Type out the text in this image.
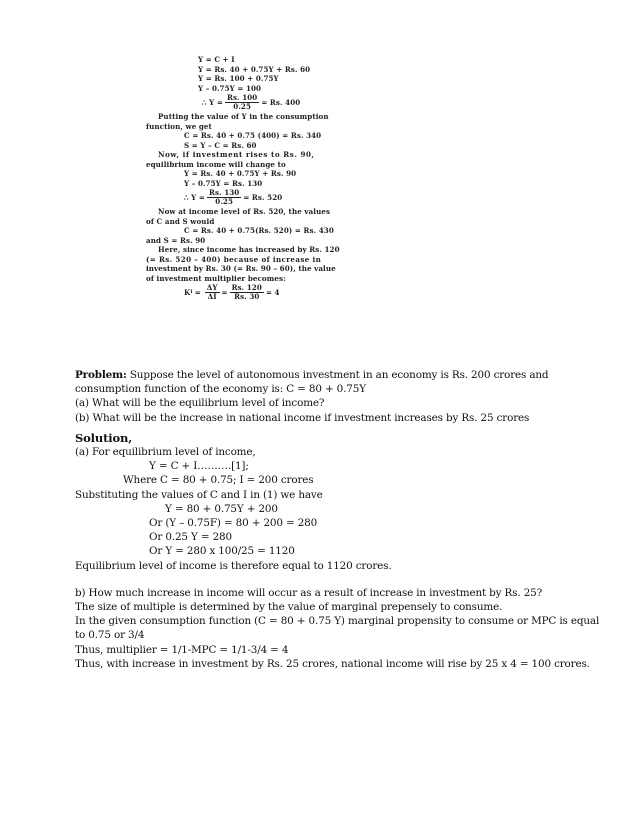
Y = C + I
Y = Rs. 40 + 0.75Y + Rs. 60
Y = Rs. 100 + 0.75Y
Y – 0.75Y = 100
∴ $Y = \frac{Rs. 100}{0.25} = Rs$. 400
Putting the value of Y in the consumption
function, we get
C = Rs. 40 + 0.75 (400) = Rs. 340
S = Y – C = Rs. 60
Now, if investment rises to Rs. 90,
equilibrium income will change to
Y = Rs. 40 + 0.75Y + Rs. 90
Y – 0.75Y = Rs. 130
∴ $Y = \frac{Rs. 130}{0.25} = Rs$. 520
Now at income level of Rs. 520, the values
of C and S would
C = Rs. 40 + 0.75(Rs. 520) = Rs. 430
and S = Rs. 90
Here, since income has increased by Rs. 120
(= Rs. 520 – 400) because of increase in
investment by Rs. 30 (= Rs. 90 – 60), the value
of investment multiplier becomes:
K $I = \frac{\Delta Y}{\Delta I} = \frac{Rs. 120}{Rs. 30} = 4$
Problem: Suppose the level of autonomous investment in an economy is Rs. 200 crores and
consumption function of the economy is: C = 80 + 0.75Y
(a) What will be the equilibrium level of income?
(b) What will be the increase in national income if investment increases by Rs. 25 crores
Solution,
(a) For equilibrium level of income,
Y = C + I……….[1];
Where C = 80 + 0.75; I = 200 crores
Substituting the values of C and I in (1) we have
Y = 80 + 0.75Y + 200
Or (Y – 0.75F) = 80 + 200 = 280
Or 0.25 Y = 280
Or Y = 280 x 100/25 = 1120
Equilibrium level of income is therefore equal to 1120 crores.
b) How much increase in income will occur as a result of increase in investment by Rs. 25?
The size of multiple is determined by the value of marginal prepensely to consume.
In the given consumption function (C = 80 + 0.75 Y) marginal propensity to consume or MPC is equal
to 0.75 or 3/4
Thus, multiplier = 1/1-MPC = 1/1-3/4 = 4
Thus, with increase in investment by Rs. 25 crores, national income will rise by 25 x 4 = 100 crores.
